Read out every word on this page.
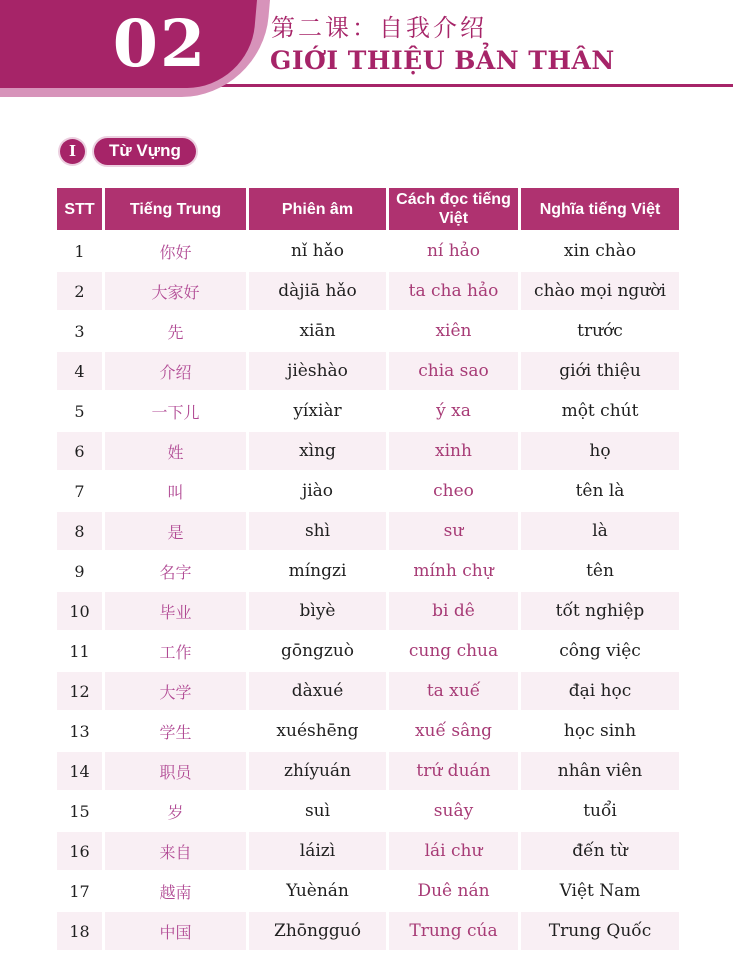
02	第二课：自我介绍
GIỚI THIỆU BẢN THÂN
I	Từ Vựng
STT	Tiếng Trung	Phiên âm	Cách đọc tiếng Việt	Nghĩa tiếng Việt
1	你好	nǐ hǎo	ní hảo	xin chào
2	大家好	dàjiā hǎo	ta cha hảo	chào mọi người
3	先	xiān	xiên	trước
4	介绍	jièshào	chia sao	giới thiệu
5	一下儿	yíxiàr	ý xa	một chút
6	姓	xìng	xinh	họ
7	叫	jiào	cheo	tên là
8	是	shì	sư	là
9	名字	míngzi	mính chự	tên
10	毕业	bìyè	bi dê	tốt nghiệp
11	工作	gōngzuò	cung chua	công việc
12	大学	dàxué	ta xuế	đại học
13	学生	xuéshēng	xuế sâng	học sinh
14	职员	zhíyuán	trứ duán	nhân viên
15	岁	suì	suây	tuổi
16	来自	láizì	lái chư	đến từ
17	越南	Yuènán	Duê nán	Việt Nam
18	中国	Zhōngguó	Trung cúa	Trung Quốc
